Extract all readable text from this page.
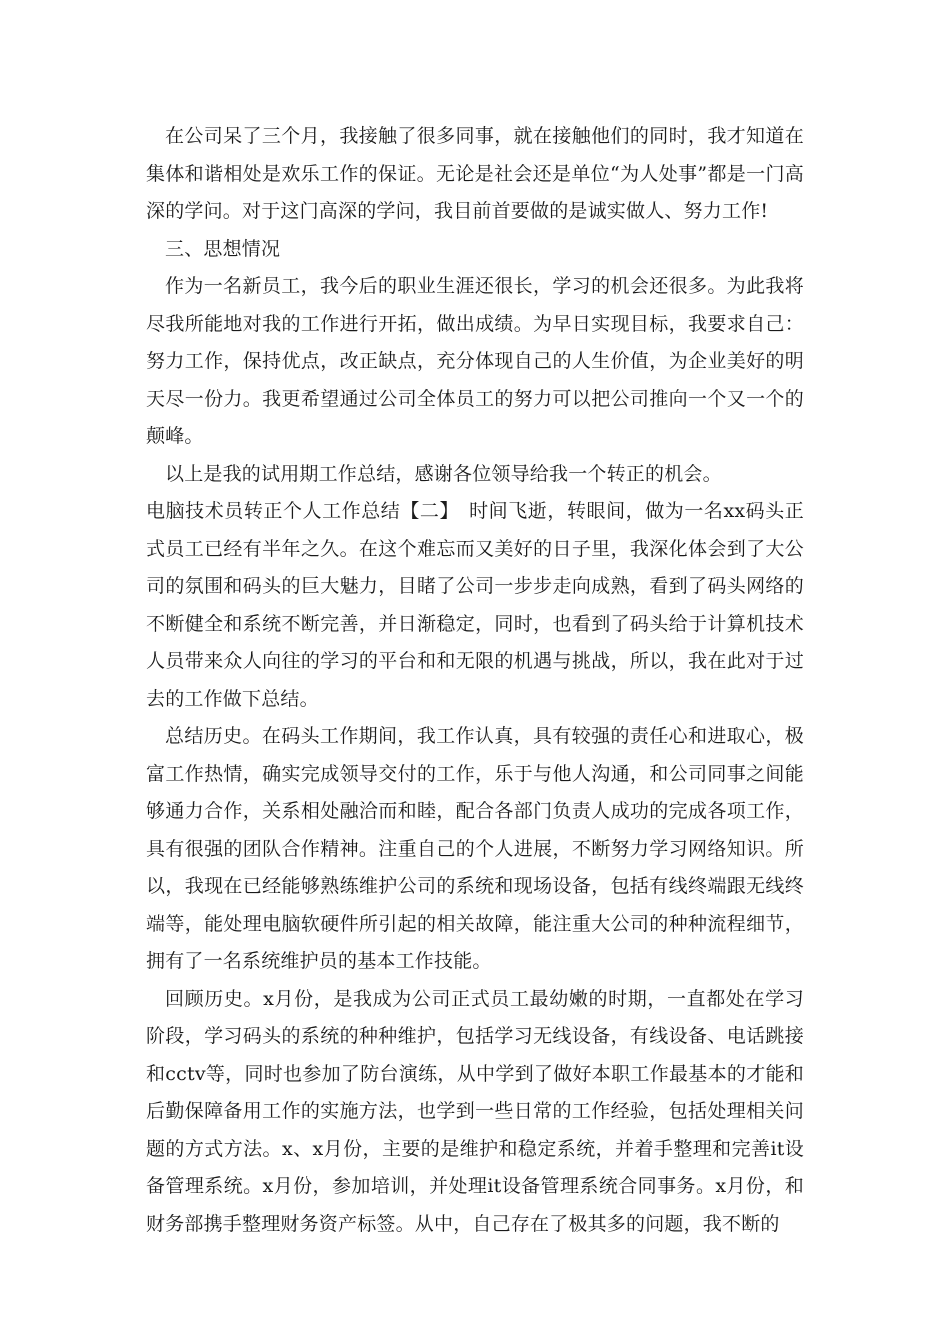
在公司呆了三个月，我接触了很多同事，就在接触他们的同时，我才知道在集体和谐相处是欢乐工作的保证。无论是社会还是单位“为人处事”都是一门高深的学问。对于这门高深的学问，我目前首要做的是诚实做人、努力工作!

三、思想情况

作为一名新员工，我今后的职业生涯还很长，学习的机会还很多。为此我将尽我所能地对我的工作进行开拓，做出成绩。为早日实现目标，我要求自己：努力工作，保持优点，改正缺点，充分体现自己的人生价值，为企业美好的明天尽一份力。我更希望通过公司全体员工的努力可以把公司推向一个又一个的颠峰。

以上是我的试用期工作总结，感谢各位领导给我一个转正的机会。

电脑技术员转正个人工作总结【二】　时间飞逝，转眼间，做为一名xx码头正式员工已经有半年之久。在这个难忘而又美好的日子里，我深化体会到了大公司的氛围和码头的巨大魅力，目睹了公司一步步走向成熟，看到了码头网络的不断健全和系统不断完善，并日渐稳定，同时，也看到了码头给于计算机技术人员带来众人向往的学习的平台和和无限的机遇与挑战，所以，我在此对于过去的工作做下总结。

总结历史。在码头工作期间，我工作认真，具有较强的责任心和进取心，极富工作热情，确实完成领导交付的工作，乐于与他人沟通，和公司同事之间能够通力合作，关系相处融洽而和睦，配合各部门负责人成功的完成各项工作，具有很强的团队合作精神。注重自己的个人进展，不断努力学习网络知识。所以，我现在已经能够熟练维护公司的系统和现场设备，包括有线终端跟无线终端等，能处理电脑软硬件所引起的相关故障，能注重大公司的种种流程细节，拥有了一名系统维护员的基本工作技能。

回顾历史。x月份，是我成为公司正式员工最幼嫩的时期，一直都处在学习阶段，学习码头的系统的种种维护，包括学习无线设备，有线设备、电话跳接和cctv等，同时也参加了防台演练，从中学到了做好本职工作最基本的才能和后勤保障备用工作的实施方法，也学到一些日常的工作经验，包括处理相关问题的方式方法。x、x月份，主要的是维护和稳定系统，并着手整理和完善it设备管理系统。x月份，参加培训，并处理it设备管理系统合同事务。x月份，和财务部携手整理财务资产标签。从中，自己存在了极其多的问题，我不断的
